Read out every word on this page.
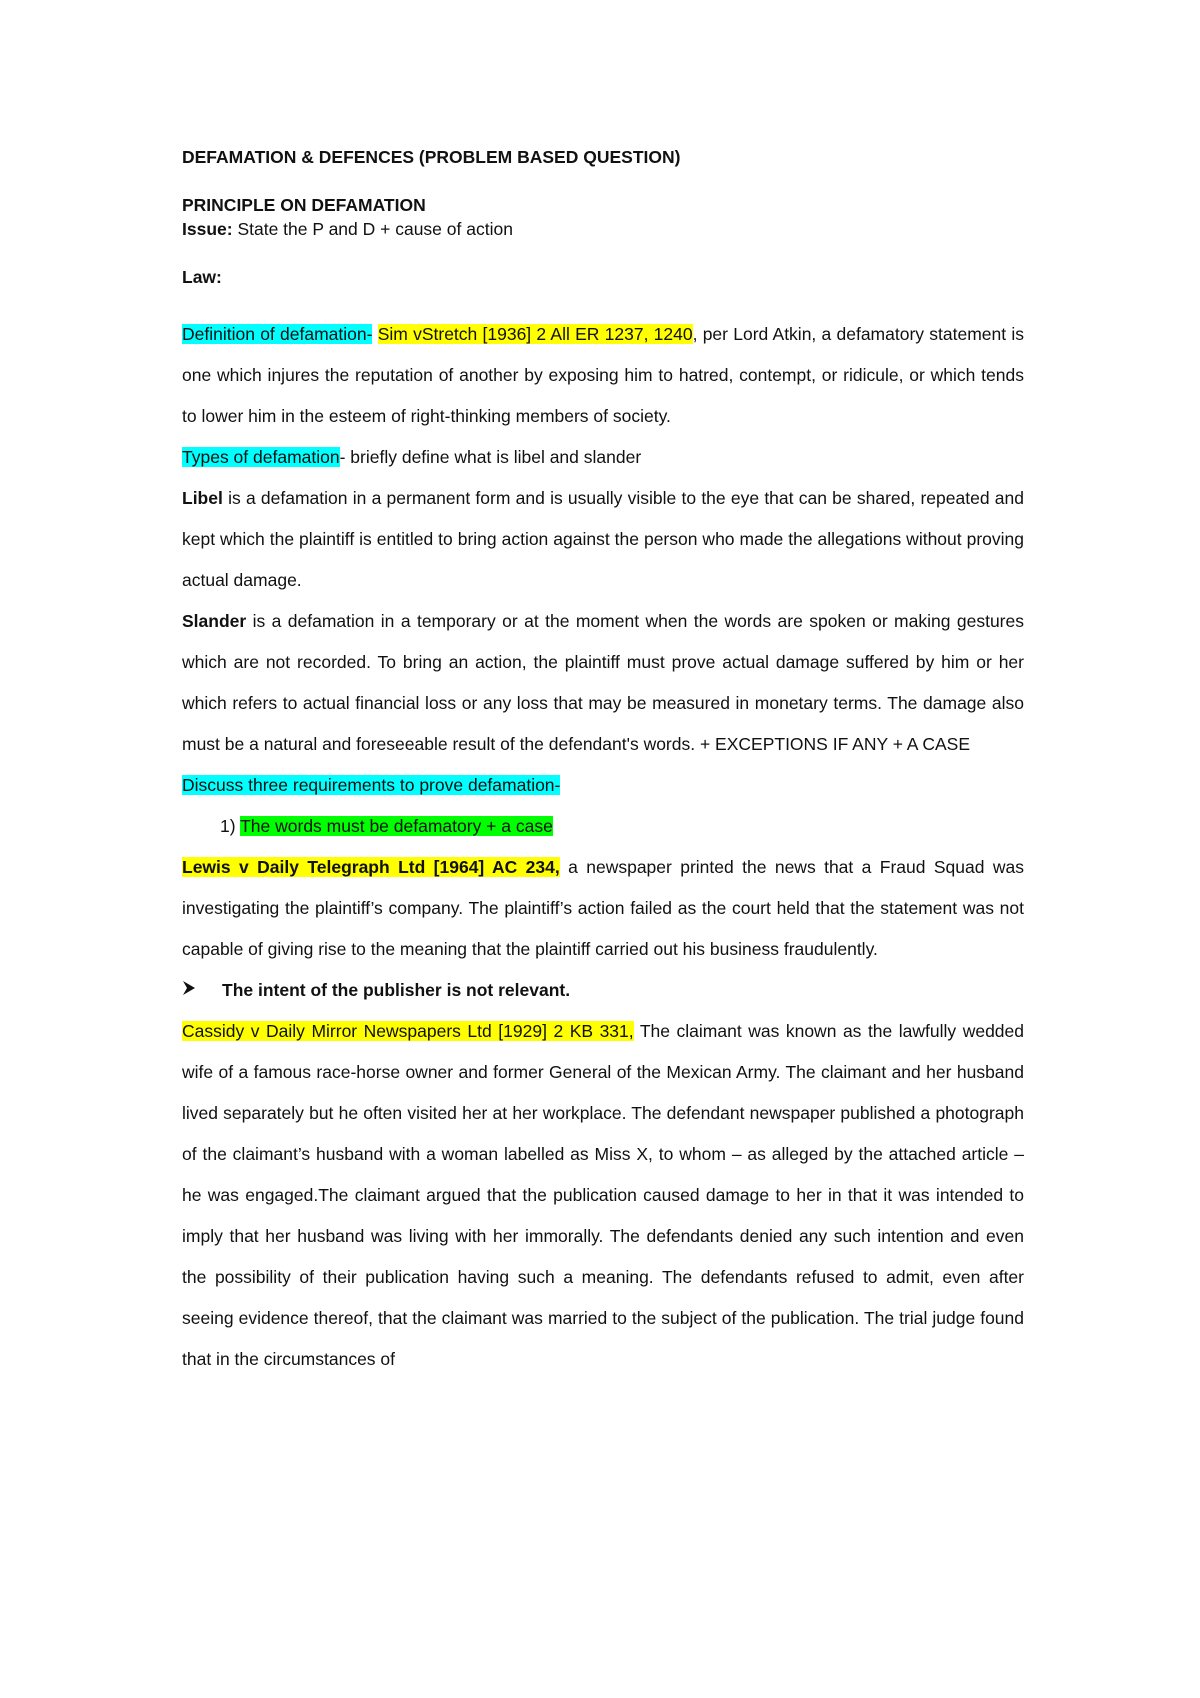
DEFAMATION & DEFENCES (PROBLEM BASED QUESTION)
PRINCIPLE ON DEFAMATION
Issue: State the P and D + cause of action
Law:
Definition of defamation- Sim vStretch [1936] 2 All ER 1237, 1240, per Lord Atkin, a defamatory statement is one which injures the reputation of another by exposing him to hatred, contempt, or ridicule, or which tends to lower him in the esteem of right-thinking members of society.
Types of defamation- briefly define what is libel and slander
Libel is a defamation in a permanent form and is usually visible to the eye that can be shared, repeated and kept which the plaintiff is entitled to bring action against the person who made the allegations without proving actual damage.
Slander is a defamation in a temporary or at the moment when the words are spoken or making gestures which are not recorded. To bring an action, the plaintiff must prove actual damage suffered by him or her which refers to actual financial loss or any loss that may be measured in monetary terms. The damage also must be a natural and foreseeable result of the defendant's words. + EXCEPTIONS IF ANY + A CASE
Discuss three requirements to prove defamation-
1) The words must be defamatory + a case
Lewis v Daily Telegraph Ltd [1964] AC 234, a newspaper printed the news that a Fraud Squad was investigating the plaintiff’s company. The plaintiff’s action failed as the court held that the statement was not capable of giving rise to the meaning that the plaintiff carried out his business fraudulently.
The intent of the publisher is not relevant.
Cassidy v Daily Mirror Newspapers Ltd [1929] 2 KB 331, The claimant was known as the lawfully wedded wife of a famous race-horse owner and former General of the Mexican Army. The claimant and her husband lived separately but he often visited her at her workplace. The defendant newspaper published a photograph of the claimant’s husband with a woman labelled as Miss X, to whom – as alleged by the attached article – he was engaged.The claimant argued that the publication caused damage to her in that it was intended to imply that her husband was living with her immorally. The defendants denied any such intention and even the possibility of their publication having such a meaning. The defendants refused to admit, even after seeing evidence thereof, that the claimant was married to the subject of the publication. The trial judge found that in the circumstances of
